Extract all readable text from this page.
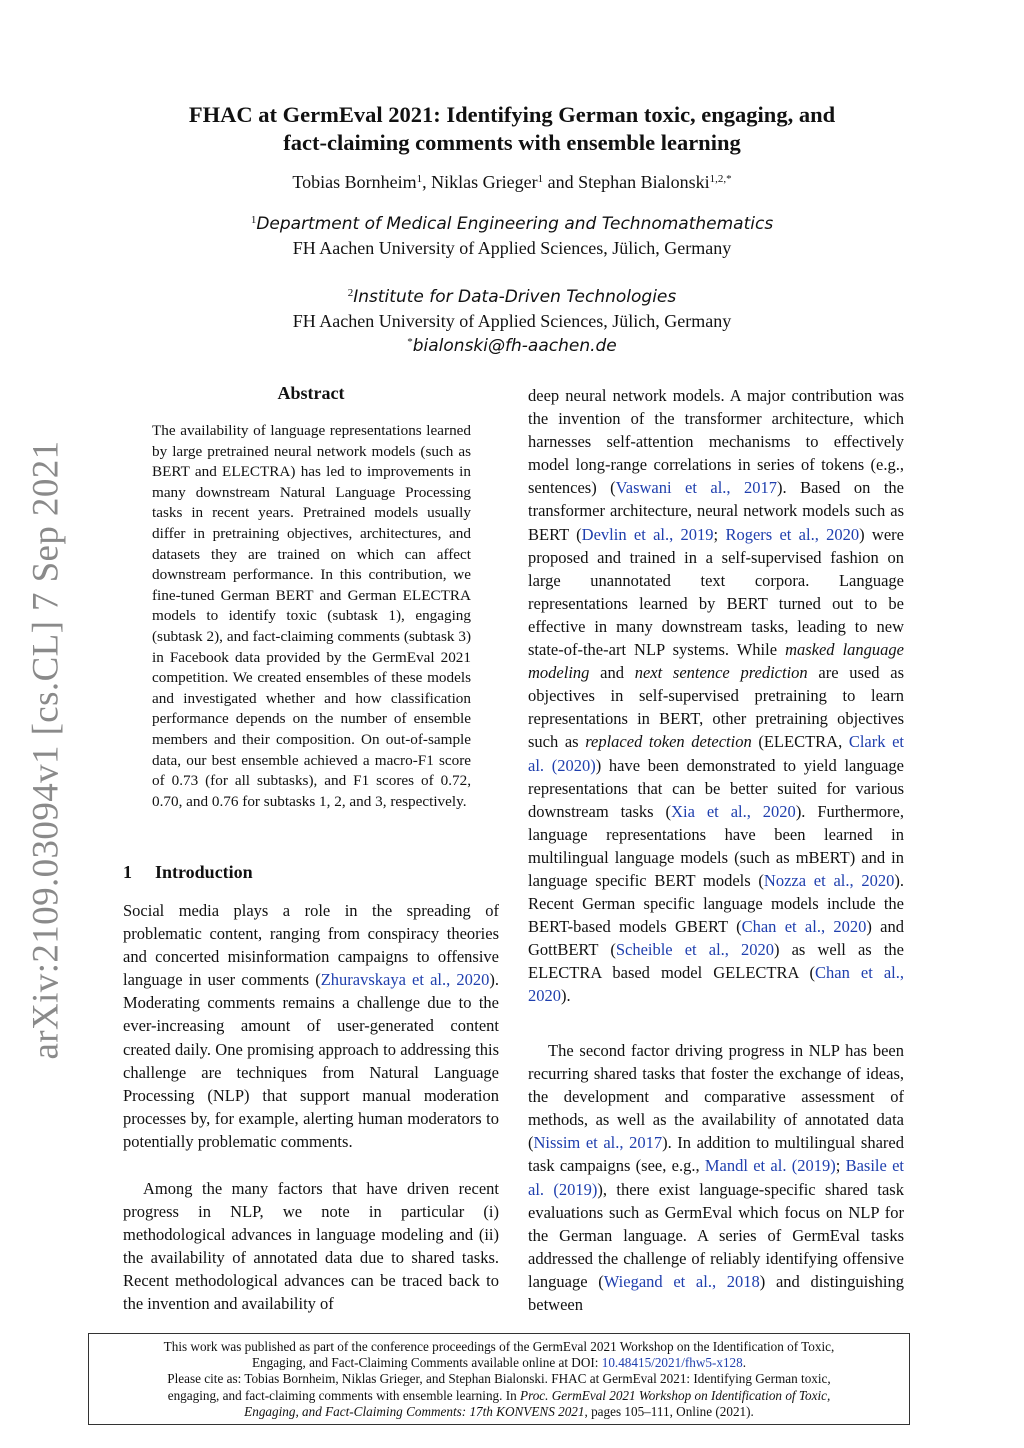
FHAC at GermEval 2021: Identifying German toxic, engaging, and
fact-claiming comments with ensemble learning
Tobias Bornheim$^1$, Niklas Grieger$^1$ and Stephan Bialonski$^{1,2,*}$
$^1$Department of Medical Engineering and Technomathematics
FH Aachen University of Applied Sciences, Jülich, Germany
$^2$Institute for Data-Driven Technologies
FH Aachen University of Applied Sciences, Jülich, Germany
*bialonski@fh-aachen.de
arXiv:2109.03094v1 [cs.CL] 7 Sep 2021
Abstract
The availability of language representations learned by large pretrained neural network models (such as BERT and ELECTRA) has led to improvements in many downstream Natural Language Processing tasks in recent years. Pretrained models usually differ in pretraining objectives, architectures, and datasets they are trained on which can affect downstream performance. In this contribution, we fine-tuned German BERT and German ELECTRA models to identify toxic (subtask 1), engaging (subtask 2), and fact-claiming comments (subtask 3) in Facebook data provided by the GermEval 2021 competition. We created ensembles of these models and investigated whether and how classification performance depends on the number of ensemble members and their composition. On out-of-sample data, our best ensemble achieved a macro-F1 score of 0.73 (for all subtasks), and F1 scores of 0.72, 0.70, and 0.76 for subtasks 1, 2, and 3, respectively.
1 Introduction
Social media plays a role in the spreading of problematic content, ranging from conspiracy theories and concerted misinformation campaigns to offensive language in user comments (Zhuravskaya et al., 2020). Moderating comments remains a challenge due to the ever-increasing amount of user-generated content created daily. One promising approach to addressing this challenge are techniques from Natural Language Processing (NLP) that support manual moderation processes by, for example, alerting human moderators to potentially problematic comments.
Among the many factors that have driven recent progress in NLP, we note in particular (i) methodological advances in language modeling and (ii) the availability of annotated data due to shared tasks. Recent methodological advances can be traced back to the invention and availability of
deep neural network models. A major contribution was the invention of the transformer architecture, which harnesses self-attention mechanisms to effectively model long-range correlations in series of tokens (e.g., sentences) (Vaswani et al., 2017). Based on the transformer architecture, neural network models such as BERT (Devlin et al., 2019; Rogers et al., 2020) were proposed and trained in a self-supervised fashion on large unannotated text corpora. Language representations learned by BERT turned out to be effective in many downstream tasks, leading to new state-of-the-art NLP systems. While masked language modeling and next sentence prediction are used as objectives in self-supervised pretraining to learn representations in BERT, other pretraining objectives such as replaced token detection (ELECTRA, Clark et al. (2020)) have been demonstrated to yield language representations that can be better suited for various downstream tasks (Xia et al., 2020). Furthermore, language representations have been learned in multilingual language models (such as mBERT) and in language specific BERT models (Nozza et al., 2020). Recent German specific language models include the BERT-based models GBERT (Chan et al., 2020) and GottBERT (Scheible et al., 2020) as well as the ELECTRA based model GELECTRA (Chan et al., 2020).
The second factor driving progress in NLP has been recurring shared tasks that foster the exchange of ideas, the development and comparative assessment of methods, as well as the availability of annotated data (Nissim et al., 2017). In addition to multilingual shared task campaigns (see, e.g., Mandl et al. (2019); Basile et al. (2019)), there exist language-specific shared task evaluations such as GermEval which focus on NLP for the German language. A series of GermEval tasks addressed the challenge of reliably identifying offensive language (Wiegand et al., 2018) and distinguishing between
This work was published as part of the conference proceedings of the GermEval 2021 Workshop on the Identification of Toxic,
Engaging, and Fact-Claiming Comments available online at DOI: 10.48415/2021/fhw5-x128.
Please cite as: Tobias Bornheim, Niklas Grieger, and Stephan Bialonski. FHAC at GermEval 2021: Identifying German toxic,
engaging, and fact-claiming comments with ensemble learning. In Proc. GermEval 2021 Workshop on Identification of Toxic,
Engaging, and Fact-Claiming Comments: 17th KONVENS 2021, pages 105–111, Online (2021).
